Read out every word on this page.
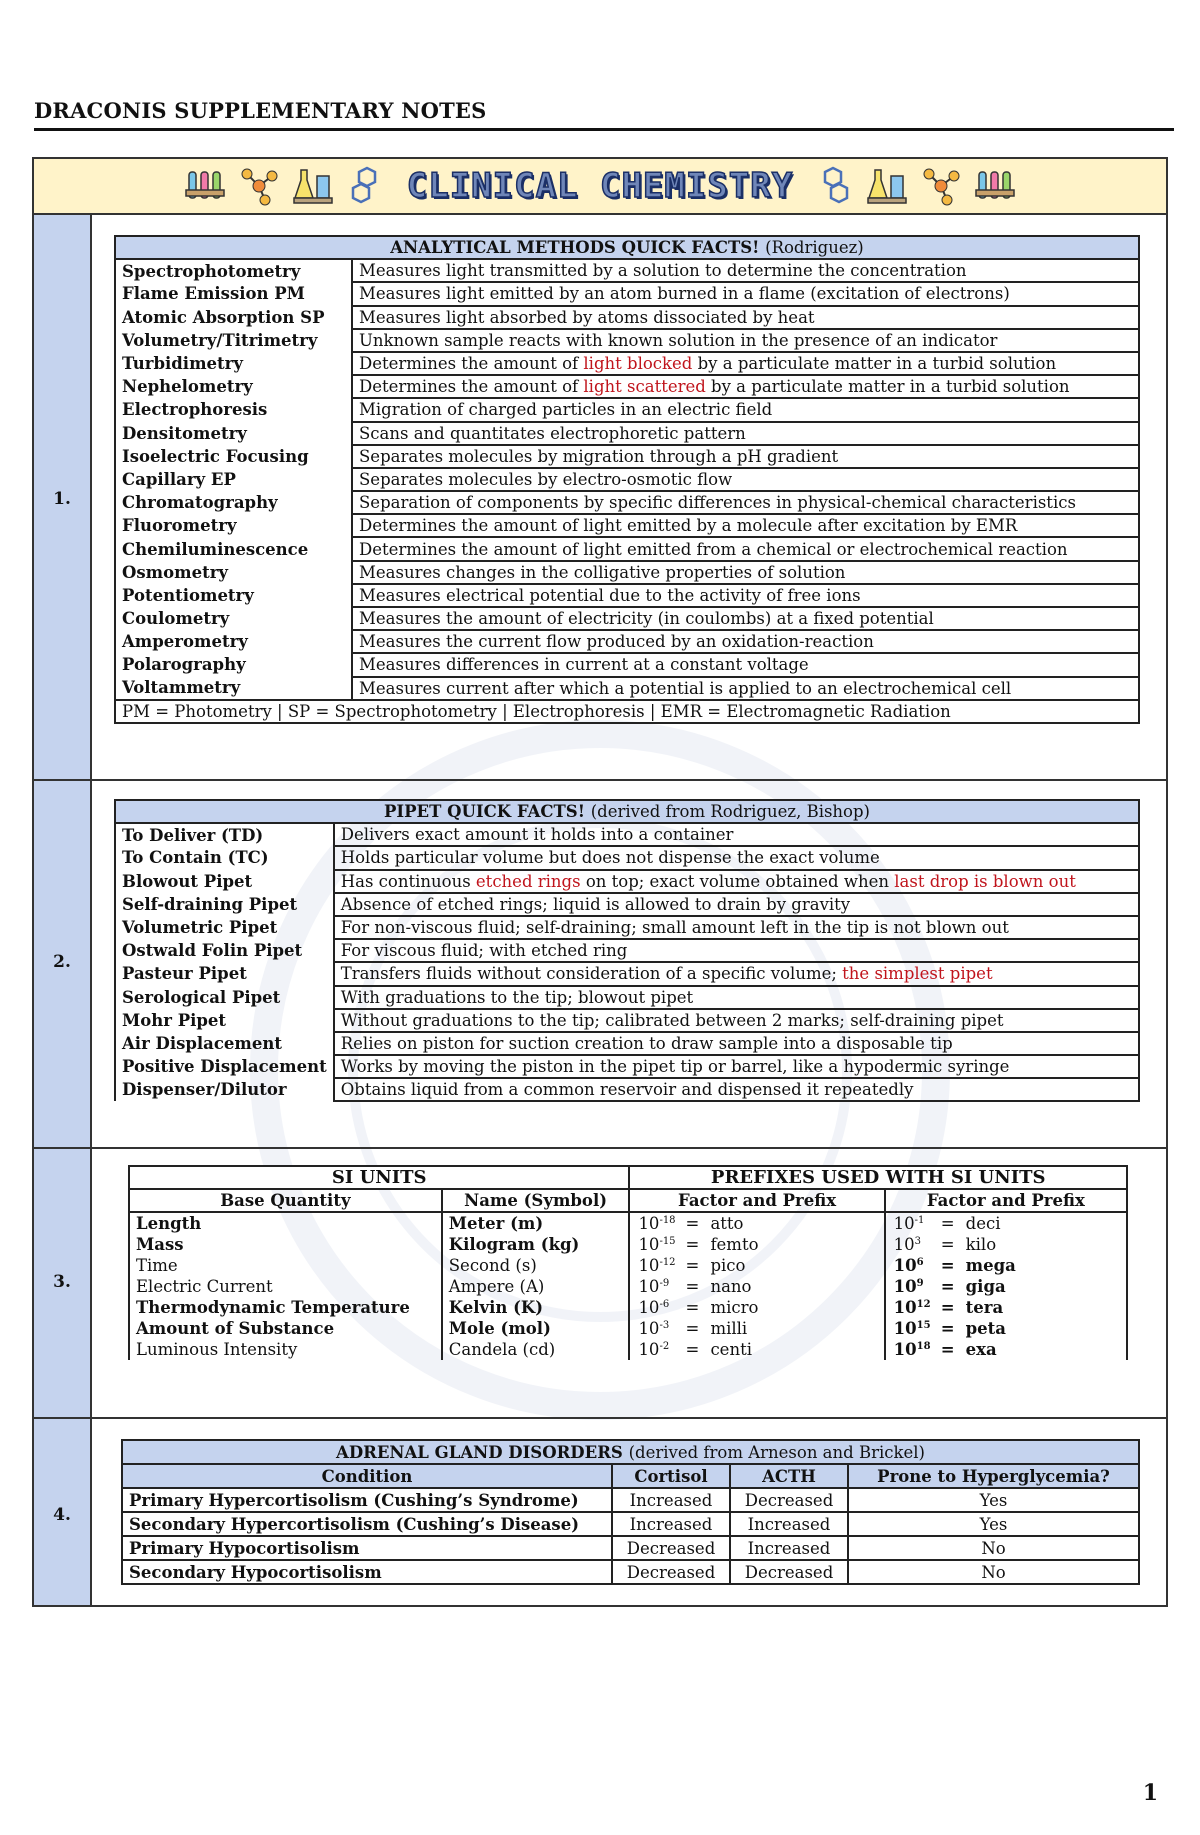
DRACONIS SUPPLEMENTARY NOTES
CLINICAL CHEMISTRY
1.
2.
3.
4.
ANALYTICAL METHODS QUICK FACTS! (Rodriguez)	
Spectrophotometry	Measures light transmitted by a solution to determine the concentration
Flame Emission PM	Measures light emitted by an atom burned in a flame (excitation of electrons)
Atomic Absorption SP	Measures light absorbed by atoms dissociated by heat
Volumetry/Titrimetry	Unknown sample reacts with known solution in the presence of an indicator
Turbidimetry	Determines the amount of light blocked by a particulate matter in a turbid solution
Nephelometry	Determines the amount of light scattered by a particulate matter in a turbid solution
Electrophoresis	Migration of charged particles in an electric field
Densitometry	Scans and quantitates electrophoretic pattern
Isoelectric Focusing	Separates molecules by migration through a pH gradient
Capillary EP	Separates molecules by electro-osmotic flow
Chromatography	Separation of components by specific differences in physical-chemical characteristics
Fluorometry	Determines the amount of light emitted by a molecule after excitation by EMR
Chemiluminescence	Determines the amount of light emitted from a chemical or electrochemical reaction
Osmometry	Measures changes in the colligative properties of solution
Potentiometry	Measures electrical potential due to the activity of free ions
Coulometry	Measures the amount of electricity (in coulombs) at a fixed potential
Amperometry	Measures the current flow produced by an oxidation-reaction
Polarography	Measures differences in current at a constant voltage
Voltammetry	Measures current after which a potential is applied to an electrochemical cell
PM = Photometry | SP = Spectrophotometry | Electrophoresis | EMR = Electromagnetic Radiation	
PIPET QUICK FACTS! (derived from Rodriguez, Bishop)	
To Deliver (TD)	Delivers exact amount it holds into a container
To Contain (TC)	Holds particular volume but does not dispense the exact volume
Blowout Pipet	Has continuous etched rings on top; exact volume obtained when last drop is blown out
Self-draining Pipet	Absence of etched rings; liquid is allowed to drain by gravity
Volumetric Pipet	For non-viscous fluid; self-draining; small amount left in the tip is not blown out
Ostwald Folin Pipet	For viscous fluid; with etched ring
Pasteur Pipet	Transfers fluids without consideration of a specific volume; the simplest pipet
Serological Pipet	With graduations to the tip; blowout pipet
Mohr Pipet	Without graduations to the tip; calibrated between 2 marks; self-draining pipet
Air Displacement	Relies on piston for suction creation to draw sample into a disposable tip
Positive Displacement	Works by moving the piston in the pipet tip or barrel, like a hypodermic syringe
Dispenser/Dilutor	Obtains liquid from a common reservoir and dispensed it repeatedly
SI UNITS		PREFIXES USED WITH SI UNITS	
Base Quantity	Name (Symbol)	Factor and Prefix	Factor and Prefix
Length	Meter (m)	$10^{-18}$ = atto	$10^{-1}$ = deci
Mass	Kilogram (kg)	$10^{-15}$ = femto	$10^3$ = kilo
Time	Second (s)	$10^{-12}$ = pico	$10^6$ = mega
Electric Current	Ampere (A)	$10^{-9}$ = nano	$10^9$ = giga
Thermodynamic Temperature	Kelvin (K)	$10^{-6}$ = micro	$10^{12}$ = tera
Amount of Substance	Mole (mol)	$10^{-3}$ = milli	$10^{15}$ = peta
Luminous Intensity	Candela (cd)	$10^{-2}$ = centi	$10^{18}$ = exa
ADRENAL GLAND DISORDERS (derived from Arneson and Brickel)			
Condition	Cortisol	ACTH	Prone to Hyperglycemia?
Primary Hypercortisolism (Cushing’s Syndrome)	Increased	Decreased	Yes
Secondary Hypercortisolism (Cushing’s Disease)	Increased	Increased	Yes
Primary Hypocortisolism	Decreased	Increased	No
Secondary Hypocortisolism	Decreased	Decreased	No
1
